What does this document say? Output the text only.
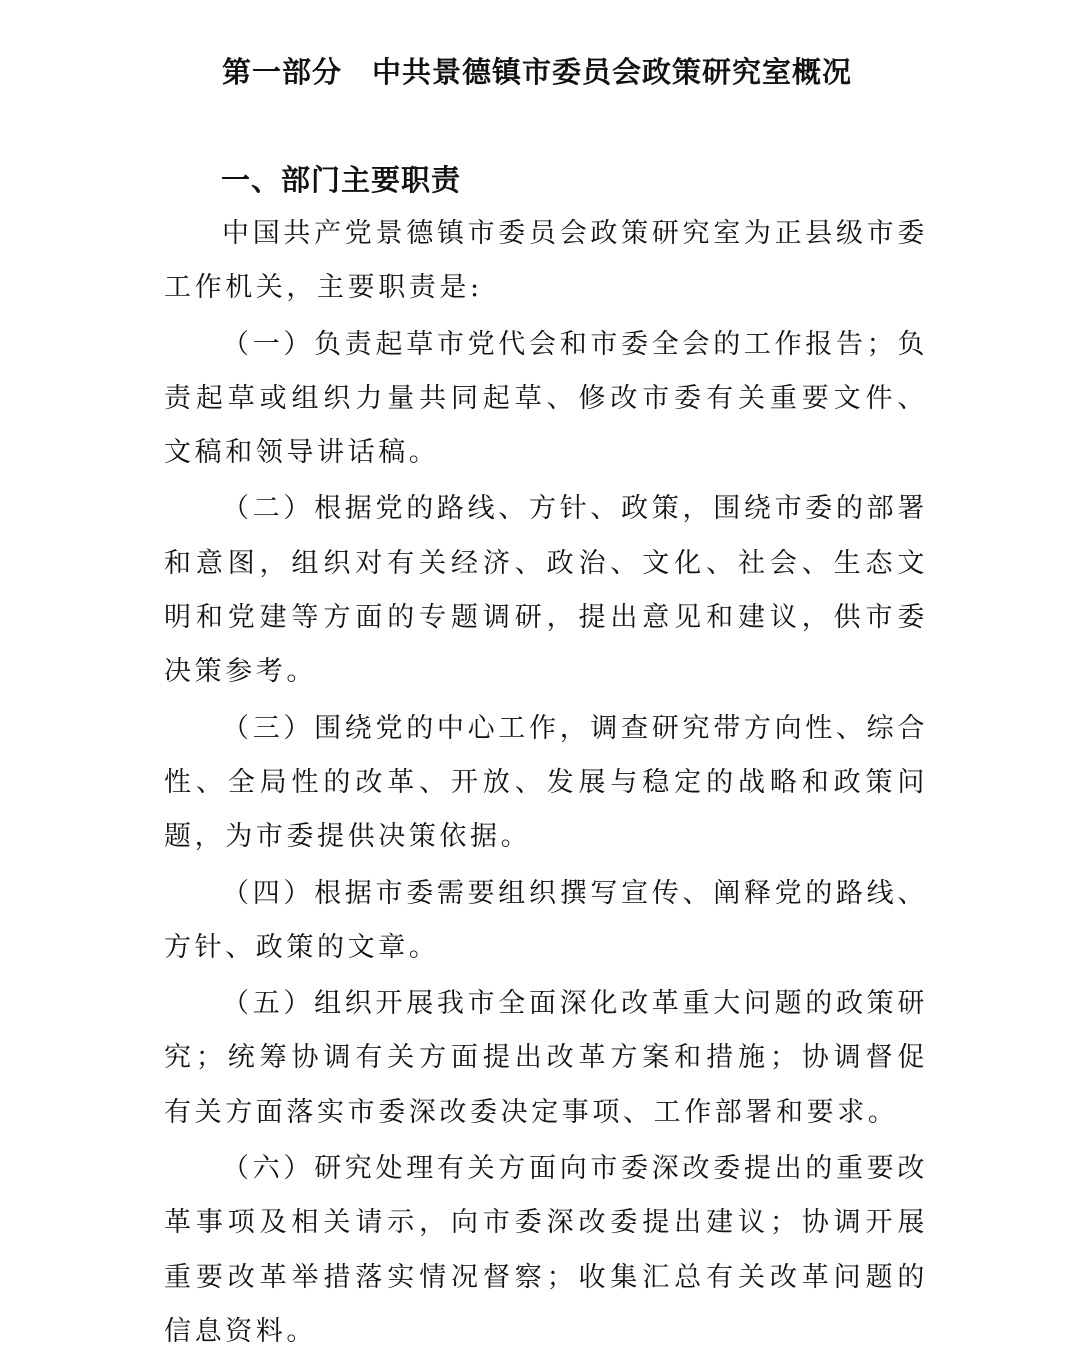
第一部分　中共景德镇市委员会政策研究室概况
一、部门主要职责

中国共产党景德镇市委员会政策研究室为正县级市委工作机关，主要职责是:

（一）负责起草市党代会和市委全会的工作报告；负责起草或组织力量共同起草、修改市委有关重要文件、文稿和领导讲话稿。

（二）根据党的路线、方针、政策，围绕市委的部署和意图，组织对有关经济、政治、文化、社会、生态文明和党建等方面的专题调研，提出意见和建议，供市委决策参考。

（三）围绕党的中心工作，调查研究带方向性、综合性、全局性的改革、开放、发展与稳定的战略和政策问题，为市委提供决策依据。

（四）根据市委需要组织撰写宣传、阐释党的路线、方针、政策的文章。

（五）组织开展我市全面深化改革重大问题的政策研究；统筹协调有关方面提出改革方案和措施；协调督促有关方面落实市委深改委决定事项、工作部署和要求。

（六）研究处理有关方面向市委深改委提出的重要改革事项及相关请示，向市委深改委提出建议；协调开展重要改革举措落实情况督察；收集汇总有关改革问题的信息资料。
